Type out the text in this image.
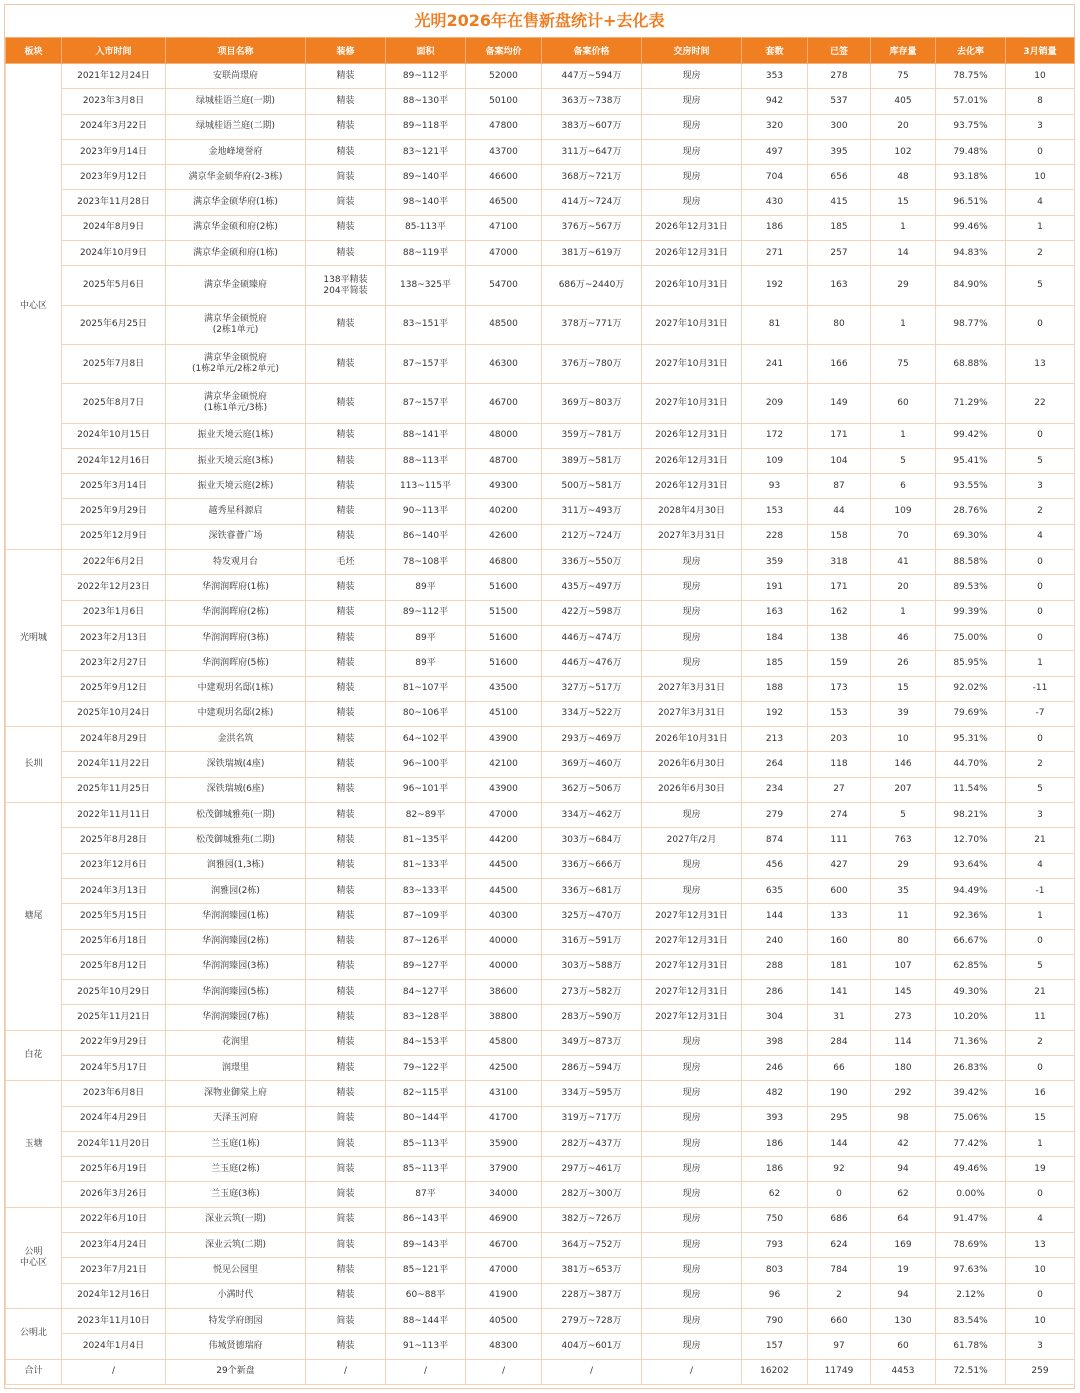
光明2026年在售新盘统计+去化表
板块	入市时间	项目名称	装修	面积	备案均价	备案价格	交房时间	套数	已签	库存量	去化率	3月销量
中心区	2021年12月24日	安联尚璟府	精装	89~112平	52000	447万~594万	现房	353	278	75	78.75%	10
	2023年3月8日	绿城桂语兰庭(一期)	精装	88~130平	50100	363万~738万	现房	942	537	405	57.01%	8
	2024年3月22日	绿城桂语兰庭(二期)	精装	89~118平	47800	383万~607万	现房	320	300	20	93.75%	3
	2023年9月14日	金地峰境誉府	精装	83~121平	43700	311万~647万	现房	497	395	102	79.48%	0
	2023年9月12日	满京华金硕华府(2-3栋)	简装	89~140平	46600	368万~721万	现房	704	656	48	93.18%	10
	2023年11月28日	满京华金硕华府(1栋)	简装	98~140平	46500	414万~724万	现房	430	415	15	96.51%	4
	2024年8月9日	满京华金硕和府(2栋)	精装	85-113平	47100	376万~567万	2026年12月31日	186	185	1	99.46%	1
	2024年10月9日	满京华金硕和府(1栋)	精装	88~119平	47000	381万~619万	2026年12月31日	271	257	14	94.83%	2
	2025年5月6日	满京华金硕臻府	138平精装
204平简装	138~325平	54700	686万~2440万	2026年10月31日	192	163	29	84.90%	5
	2025年6月25日	满京华金硕悦府
(2栋1单元)	精装	83~151平	48500	378万~771万	2027年10月31日	81	80	1	98.77%	0
	2025年7月8日	满京华金硕悦府
(1栋2单元/2栋2单元)	精装	87~157平	46300	376万~780万	2027年10月31日	241	166	75	68.88%	13
	2025年8月7日	满京华金硕悦府
(1栋1单元/3栋)	精装	87~157平	46700	369万~803万	2027年10月31日	209	149	60	71.29%	22
	2024年10月15日	振业天境云庭(1栋)	精装	88~141平	48000	359万~781万	2026年12月31日	172	171	1	99.42%	0
	2024年12月16日	振业天境云庭(3栋)	精装	88~113平	48700	389万~581万	2026年12月31日	109	104	5	95.41%	5
	2025年3月14日	振业天境云庭(2栋)	精装	113~115平	49300	500万~581万	2026年12月31日	93	87	6	93.55%	3
	2025年9月29日	越秀星科源启	精装	90~113平	40200	311万~493万	2028年4月30日	153	44	109	28.76%	2
	2025年12月9日	深铁睿薈广场	精装	86~140平	42600	212万~724万	2027年3月31日	228	158	70	69.30%	4
光明城	2022年6月2日	特发观月台	毛坯	78~108平	46800	336万~550万	现房	359	318	41	88.58%	0
	2022年12月23日	华润润晖府(1栋)	精装	89平	51600	435万~497万	现房	191	171	20	89.53%	0
	2023年1月6日	华润润晖府(2栋)	精装	89~112平	51500	422万~598万	现房	163	162	1	99.39%	0
	2023年2月13日	华润润晖府(3栋)	精装	89平	51600	446万~474万	现房	184	138	46	75.00%	0
	2023年2月27日	华润润晖府(5栋)	精装	89平	51600	446万~476万	现房	185	159	26	85.95%	1
	2025年9月12日	中建观玥名邸(1栋)	精装	81~107平	43500	327万~517万	2027年3月31日	188	173	15	92.02%	-11
	2025年10月24日	中建观玥名邸(2栋)	精装	80~106平	45100	334万~522万	2027年3月31日	192	153	39	79.69%	-7
长圳	2024年8月29日	金洪名筑	精装	64~102平	43900	293万~469万	2026年10月31日	213	203	10	95.31%	0
	2024年11月22日	深铁瑞城(4座)	精装	96~100平	42100	369万~460万	2026年6月30日	264	118	146	44.70%	2
	2025年11月25日	深铁瑞城(6座)	精装	96~101平	43900	362万~506万	2026年6月30日	234	27	207	11.54%	5
塘尾	2022年11月11日	松茂御城雅苑(一期)	精装	82~89平	47000	334万~462万	现房	279	274	5	98.21%	3
	2025年8月28日	松茂御城雅苑(二期)	精装	81~135平	44200	303万~684万	2027年/2月	874	111	763	12.70%	21
	2023年12月6日	润雅园(1,3栋)	精装	81~133平	44500	336万~666万	现房	456	427	29	93.64%	4
	2024年3月13日	润雅园(2栋)	精装	83~133平	44500	336万~681万	现房	635	600	35	94.49%	-1
	2025年5月15日	华润润臻园(1栋)	精装	87~109平	40300	325万~470万	2027年12月31日	144	133	11	92.36%	1
	2025年6月18日	华润润臻园(2栋)	精装	87~126平	40000	316万~591万	2027年12月31日	240	160	80	66.67%	0
	2025年8月12日	华润润臻园(3栋)	精装	89~127平	40000	303万~588万	2027年12月31日	288	181	107	62.85%	5
	2025年10月29日	华润润臻园(5栋)	精装	84~127平	38600	273万~582万	2027年12月31日	286	141	145	49.30%	21
	2025年11月21日	华润润臻园(7栋)	精装	83~128平	38800	283万~590万	2027年12月31日	304	31	273	10.20%	11
白花	2022年9月29日	花润里	精装	84~153平	45800	349万~873万	现房	398	284	114	71.36%	2
	2024年5月17日	润璟里	精装	79~122平	42500	286万~594万	现房	246	66	180	26.83%	0
玉塘	2023年6月8日	深物业御棠上府	精装	82~115平	43100	334万~595万	现房	482	190	292	39.42%	16
	2024年4月29日	天泽玉河府	简装	80~144平	41700	319万~717万	现房	393	295	98	75.06%	15
	2024年11月20日	兰玉庭(1栋)	简装	85~113平	35900	282万~437万	现房	186	144	42	77.42%	1
	2025年6月19日	兰玉庭(2栋)	简装	85~113平	37900	297万~461万	现房	186	92	94	49.46%	19
	2026年3月26日	兰玉庭(3栋)	简装	87平	34000	282万~300万	现房	62	0	62	0.00%	0
公明
中心区	2022年6月10日	深业云筑(一期)	简装	86~143平	46900	382万~726万	现房	750	686	64	91.47%	4
	2023年4月24日	深业云筑(二期)	简装	89~143平	46700	364万~752万	现房	793	624	169	78.69%	13
	2023年7月21日	悦见公园里	精装	85~121平	47000	381万~653万	现房	803	784	19	97.63%	10
	2024年12月16日	小满时代	精装	60~88平	41900	228万~387万	现房	96	2	94	2.12%	0
公明北	2023年11月10日	特发学府朗园	简装	88~144平	40500	279万~728万	现房	790	660	130	83.54%	10
	2024年1月4日	伟城贤德瑞府	精装	91~113平	48300	404万~601万	现房	157	97	60	61.78%	3
合计	/	29个新盘	/	/	/	/	/	16202	11749	4453	72.51%	259
